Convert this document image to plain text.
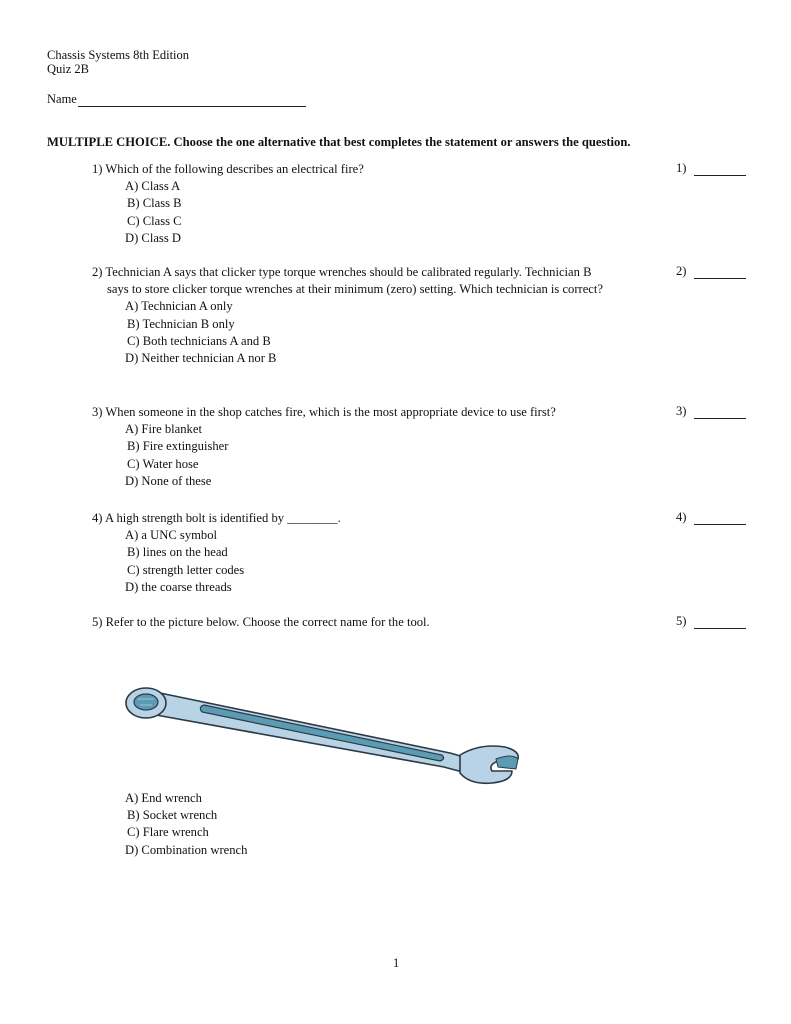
Chassis Systems 8th Edition
Quiz 2B
Name
MULTIPLE CHOICE. Choose the one alternative that best completes the statement or answers the question.
1) Which of the following describes an electrical fire?
A) Class A
B) Class B
C) Class C
D) Class D
1)
2) Technician A says that clicker type torque wrenches should be calibrated regularly. Technician B
says to store clicker torque wrenches at their minimum (zero) setting. Which technician is correct?
A) Technician A only
B) Technician B only
C) Both technicians A and B
D) Neither technician A nor B
2)
3) When someone in the shop catches fire, which is the most appropriate device to use first?
A) Fire blanket
B) Fire extinguisher
C) Water hose
D) None of these
3)
4) A high strength bolt is identified by ________.
A) a UNC symbol
B) lines on the head
C) strength letter codes
D) the coarse threads
4)
5) Refer to the picture below. Choose the correct name for the tool.	5)
A) End wrench
B) Socket wrench
C) Flare wrench
D) Combination wrench
1
